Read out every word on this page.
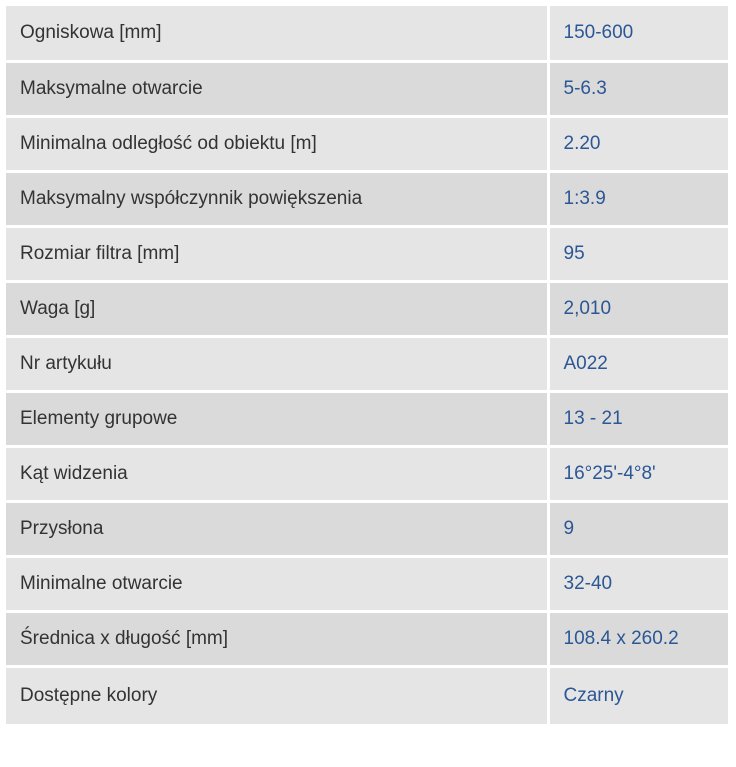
Ogniskowa [mm]	150-600
Maksymalne otwarcie	5-6.3
Minimalna odległość od obiektu [m]	2.20
Maksymalny współczynnik powiększenia	1:3.9
Rozmiar filtra [mm]	95
Waga [g]	2,010
Nr artykułu	A022
Elementy grupowe	13 - 21
Kąt widzenia	16°25'-4°8'
Przysłona	9
Minimalne otwarcie	32-40
Średnica x długość [mm]	108.4 x 260.2
Dostępne kolory	Czarny
